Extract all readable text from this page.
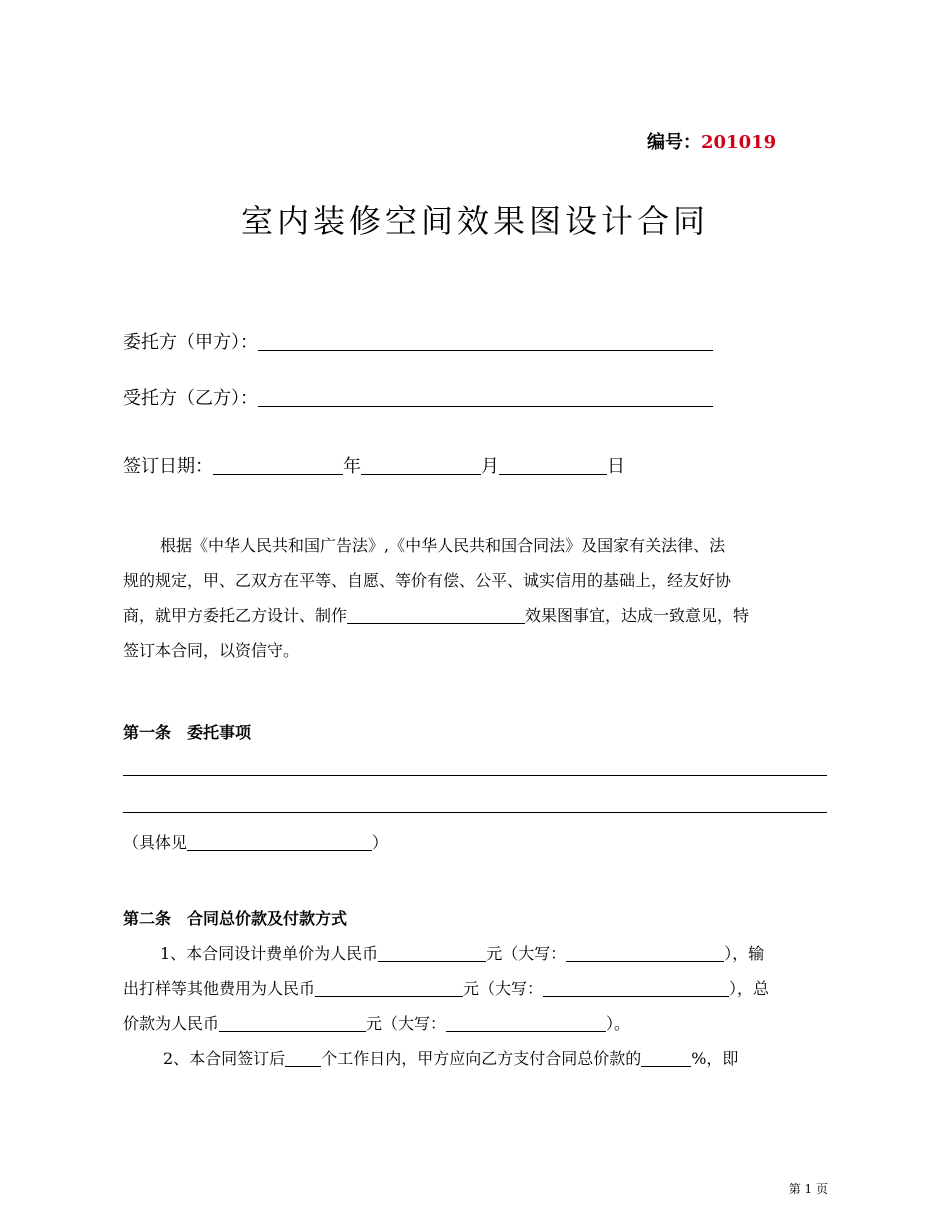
编号：201019
室内装修空间效果图设计合同
委托方（甲方）：
受托方（乙方）：
签订日期：	年	月	日
根据《中华人民共和国广告法》,《中华人民共和国合同法》及国家有关法律、法
规的规定，甲、乙双方在平等、自愿、等价有偿、公平、诚实信用的基础上，经友好协
商，就甲方委托乙方设计、制作	效果图事宜，达成一致意见，特
签订本合同，以资信守。
第一条　委托事项
（具体见	）
第二条　合同总价款及付款方式
1、本合同设计费单价为人民币	元（大写：	），输
出打样等其他费用为人民币	元（大写：	），总
价款为人民币	元（大写：	）。
2、本合同签订后 个工作日内，甲方应向乙方支付合同总价款的	%，即
第 1 页
